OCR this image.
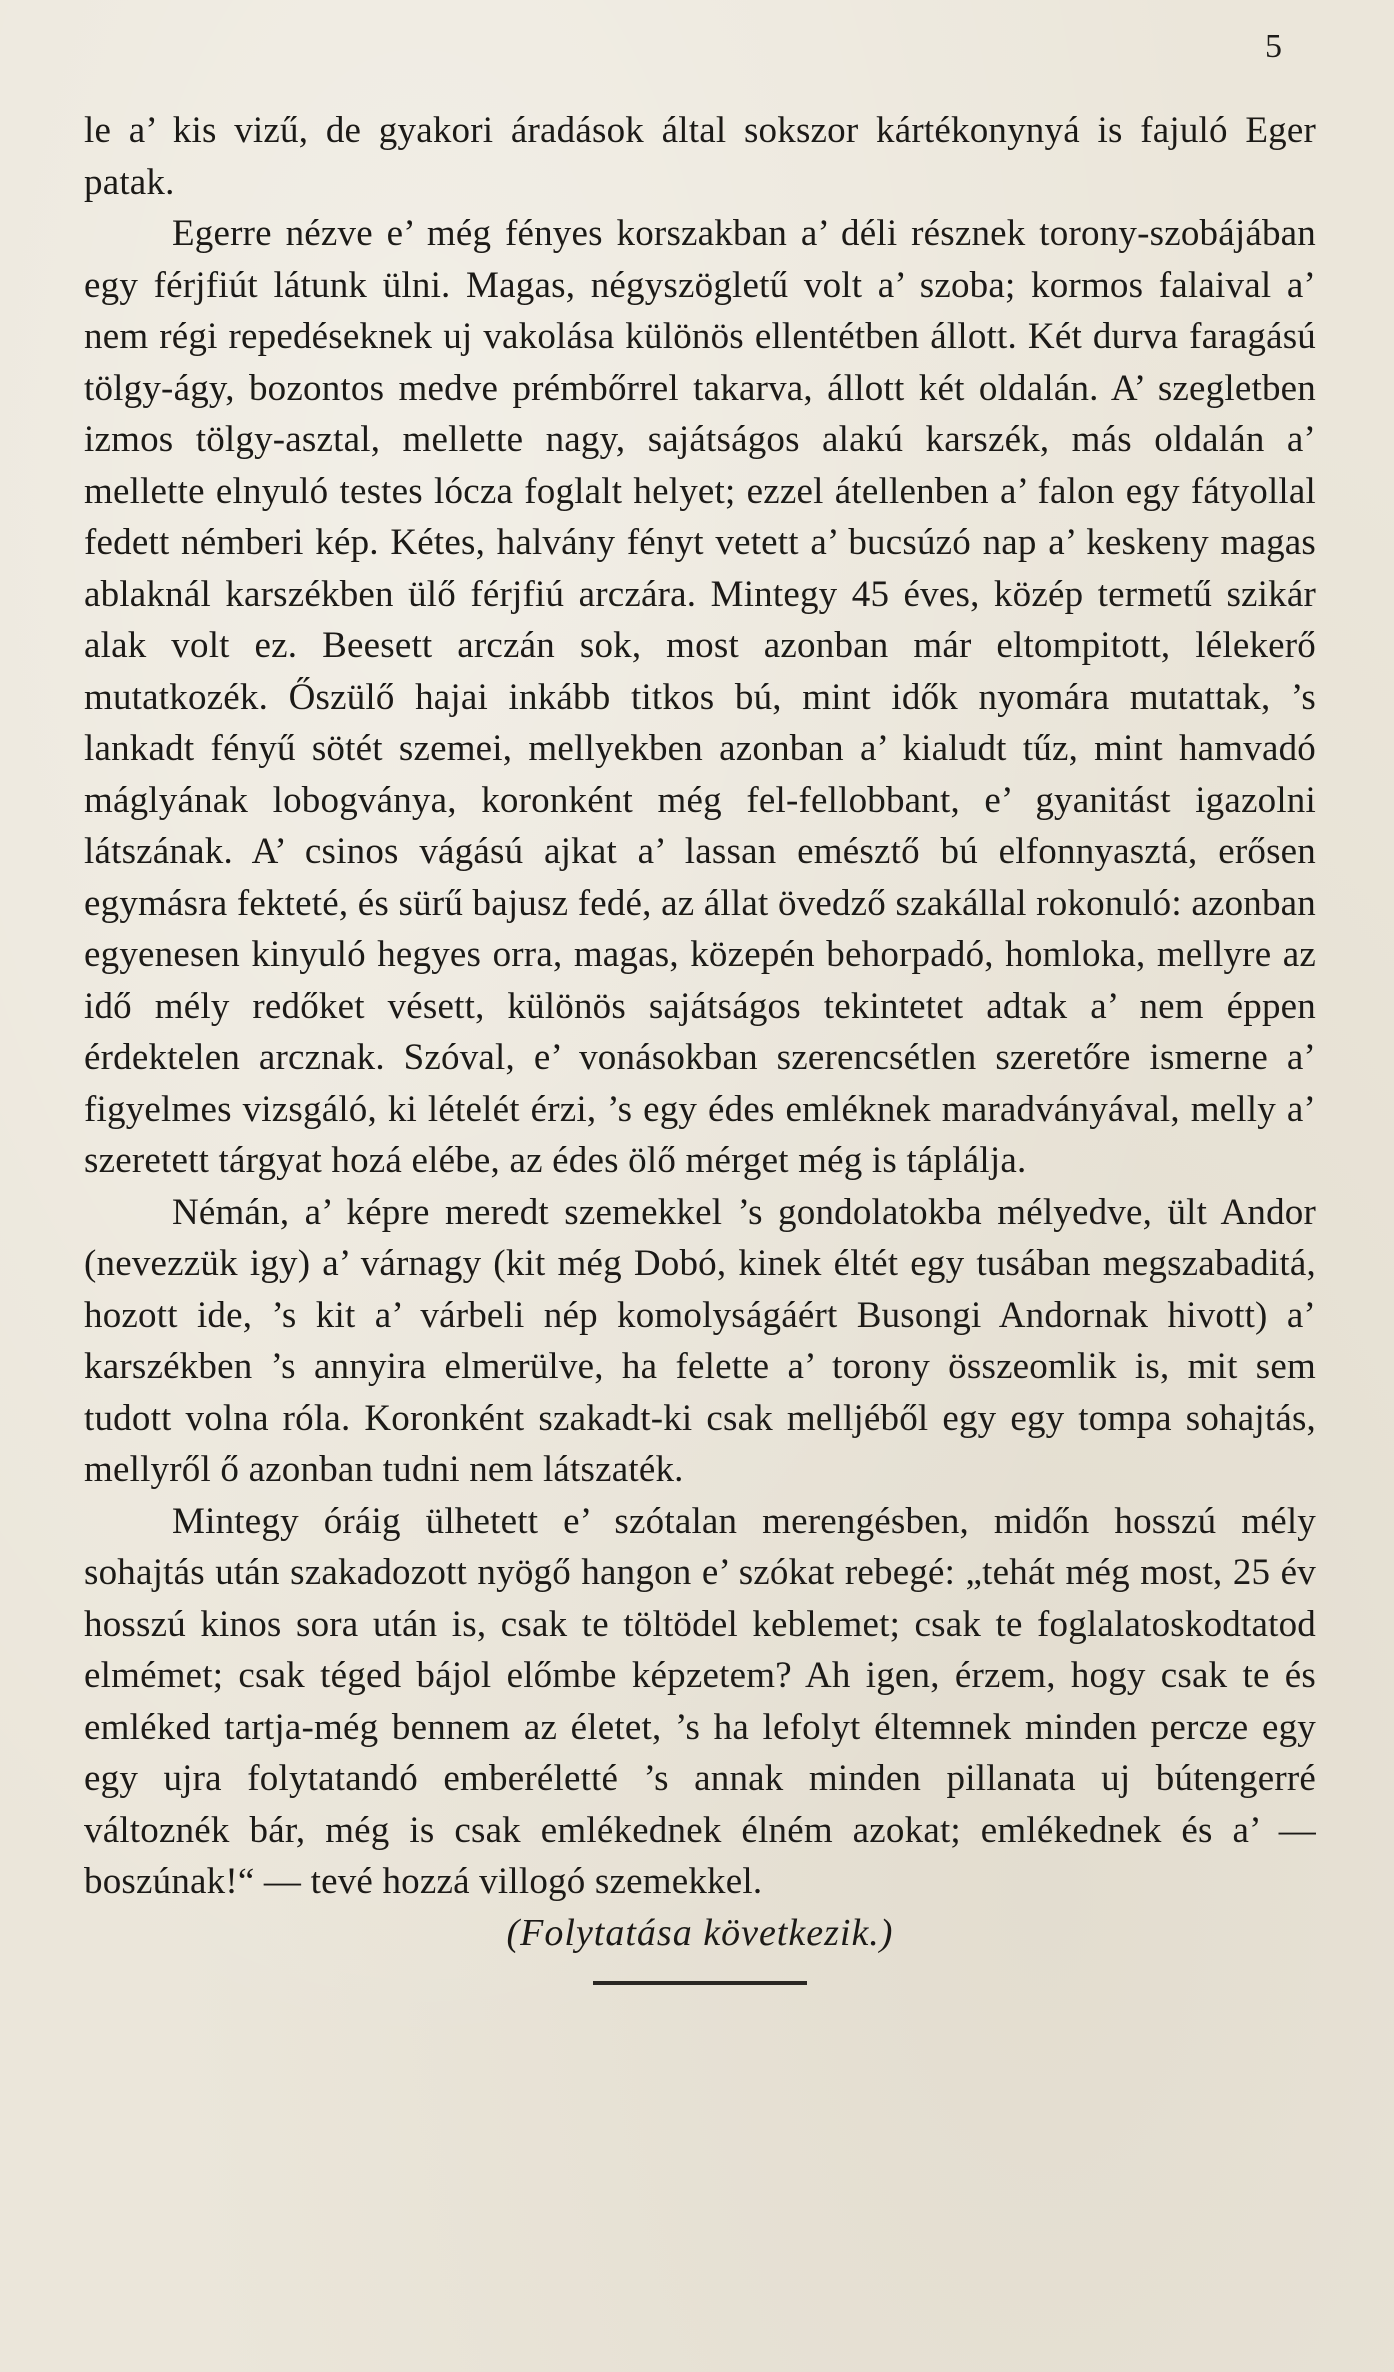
5

le a’ kis vizű, de gyakori áradások által sokszor kártékonynyá is fajuló Eger patak.

Egerre nézve e’ még fényes korszakban a’ déli résznek torony-szobájában egy férjfiút látunk ülni. Magas, négyszögletű volt a’ szoba; kormos falaival a’ nem régi repedéseknek uj vakolása különös ellentétben állott. Két durva faragású tölgy-ágy, bozontos medve prémbőrrel takarva, állott két oldalán. A’ szegletben izmos tölgy-asztal, mellette nagy, sajátságos alakú karszék, más oldalán a’ mellette elnyuló testes lócza foglalt helyet; ezzel átellenben a’ falon egy fátyollal fedett némberi kép. Kétes, halvány fényt vetett a’ bucsúzó nap a’ keskeny magas ablaknál karszékben ülő férjfiú arczára. Mintegy 45 éves, közép termetű szikár alak volt ez. Beesett arczán sok, most azonban már eltompitott, lélekerő mutatkozék. Őszülő hajai inkább titkos bú, mint idők nyomára mutattak, ’s lankadt fényű sötét szemei, mellyekben azonban a’ kialudt tűz, mint hamvadó máglyának lobogványa, koronként még fel-fellobbant, e’ gyanitást igazolni látszának. A’ csinos vágású ajkat a’ lassan emésztő bú elfonnyasztá, erősen egymásra fekteté, és sürű bajusz fedé, az állat övedző szakállal rokonuló: azonban egyenesen kinyuló hegyes orra, magas, közepén behorpadó, homloka, mellyre az idő mély redőket vésett, különös sajátságos tekintetet adtak a’ nem éppen érdektelen arcznak. Szóval, e’ vonásokban szerencsétlen szeretőre ismerne a’ figyelmes vizsgáló, ki lételét érzi, ’s egy édes emléknek maradványával, melly a’ szeretett tárgyat hozá elébe, az édes ölő mérget még is táplálja.

Némán, a’ képre meredt szemekkel ’s gondolatokba mélyedve, ült Andor (nevezzük igy) a’ várnagy (kit még Dobó, kinek éltét egy tusában megszabaditá, hozott ide, ’s kit a’ várbeli nép komolyságáért Busongi Andornak hivott) a’ karszékben ’s annyira elmerülve, ha felette a’ torony összeomlik is, mit sem tudott volna róla. Koronként szakadt-ki csak melljéből egy egy tompa sohajtás, mellyről ő azonban tudni nem látszaték.

Mintegy óráig ülhetett e’ szótalan merengésben, midőn hosszú mély sohajtás után szakadozott nyögő hangon e’ szókat rebegé: „tehát még most, 25 év hosszú kinos sora után is, csak te töltödel keblemet; csak te foglalatoskodtatod elmémet; csak téged bájol előmbe képzetem? Ah igen, érzem, hogy csak te és emléked tartja-még bennem az életet, ’s ha lefolyt éltemnek minden percze egy egy ujra folytatandó emberéletté ’s annak minden pillanata uj bútengerré változnék bár, még is csak emlékednek élném azokat; emlékednek és a’ — boszúnak!“ — tevé hozzá villogó szemekkel.

(Folytatása következik.)
